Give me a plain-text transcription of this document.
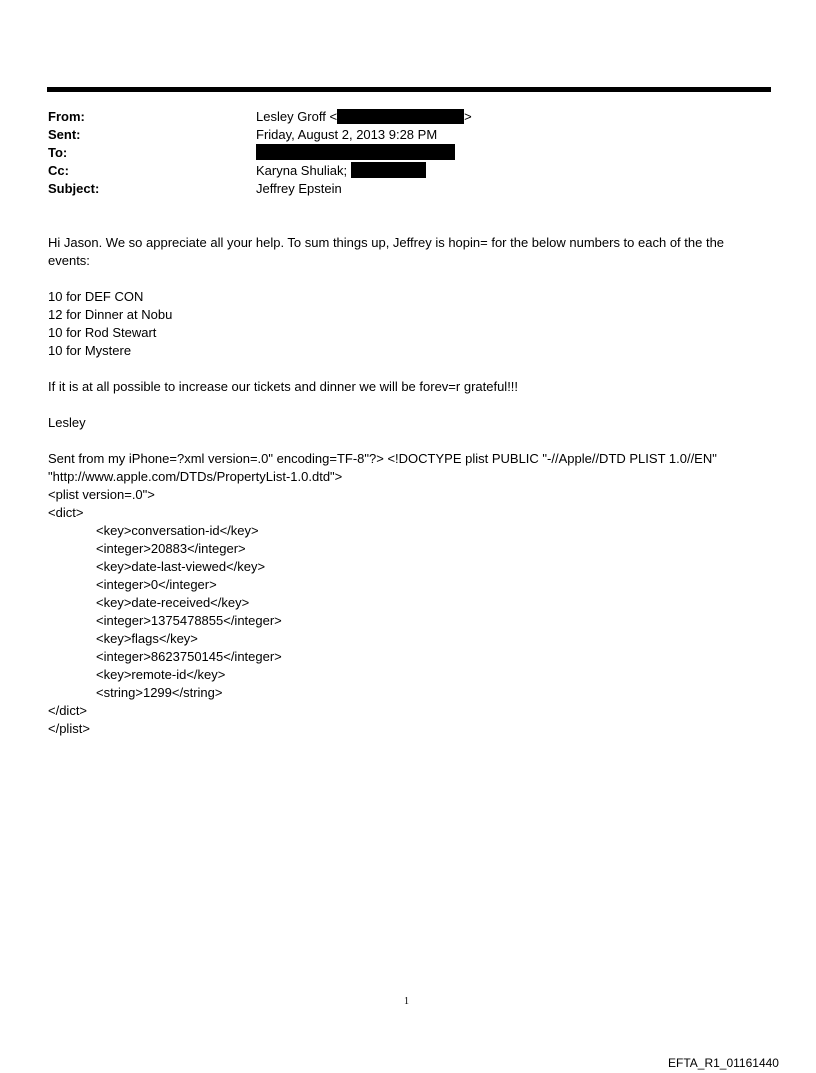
From:	Lesley Groff <	>
Sent:	Friday, August 2, 2013 9:28 PM
To:
Cc:	Karyna Shuliak;
Subject:	Jeffrey Epstein
Hi Jason. We so appreciate all your help. To sum things up, Jeffrey is hopin= for the below numbers to each of the the
events:
10 for DEF CON
12 for Dinner at Nobu
10 for Rod Stewart
10 for Mystere
If it is at all possible to increase our tickets and dinner we will be forev=r grateful!!!
Lesley
Sent from my iPhone=?xml version=.0" encoding=TF-8"?> <!DOCTYPE plist PUBLIC "-//Apple//DTD PLIST 1.0//EN"
"http://www.apple.com/DTDs/PropertyList-1.0.dtd">
<plist version=.0">
<dict>
<key>conversation-id</key>
<integer>20883</integer>
<key>date-last-viewed</key>
<integer>0</integer>
<key>date-received</key>
<integer>1375478855</integer>
<key>flags</key>
<integer>8623750145</integer>
<key>remote-id</key>
<string>1299</string>
</dict>
</plist>
1
EFTA_R1_01161440
